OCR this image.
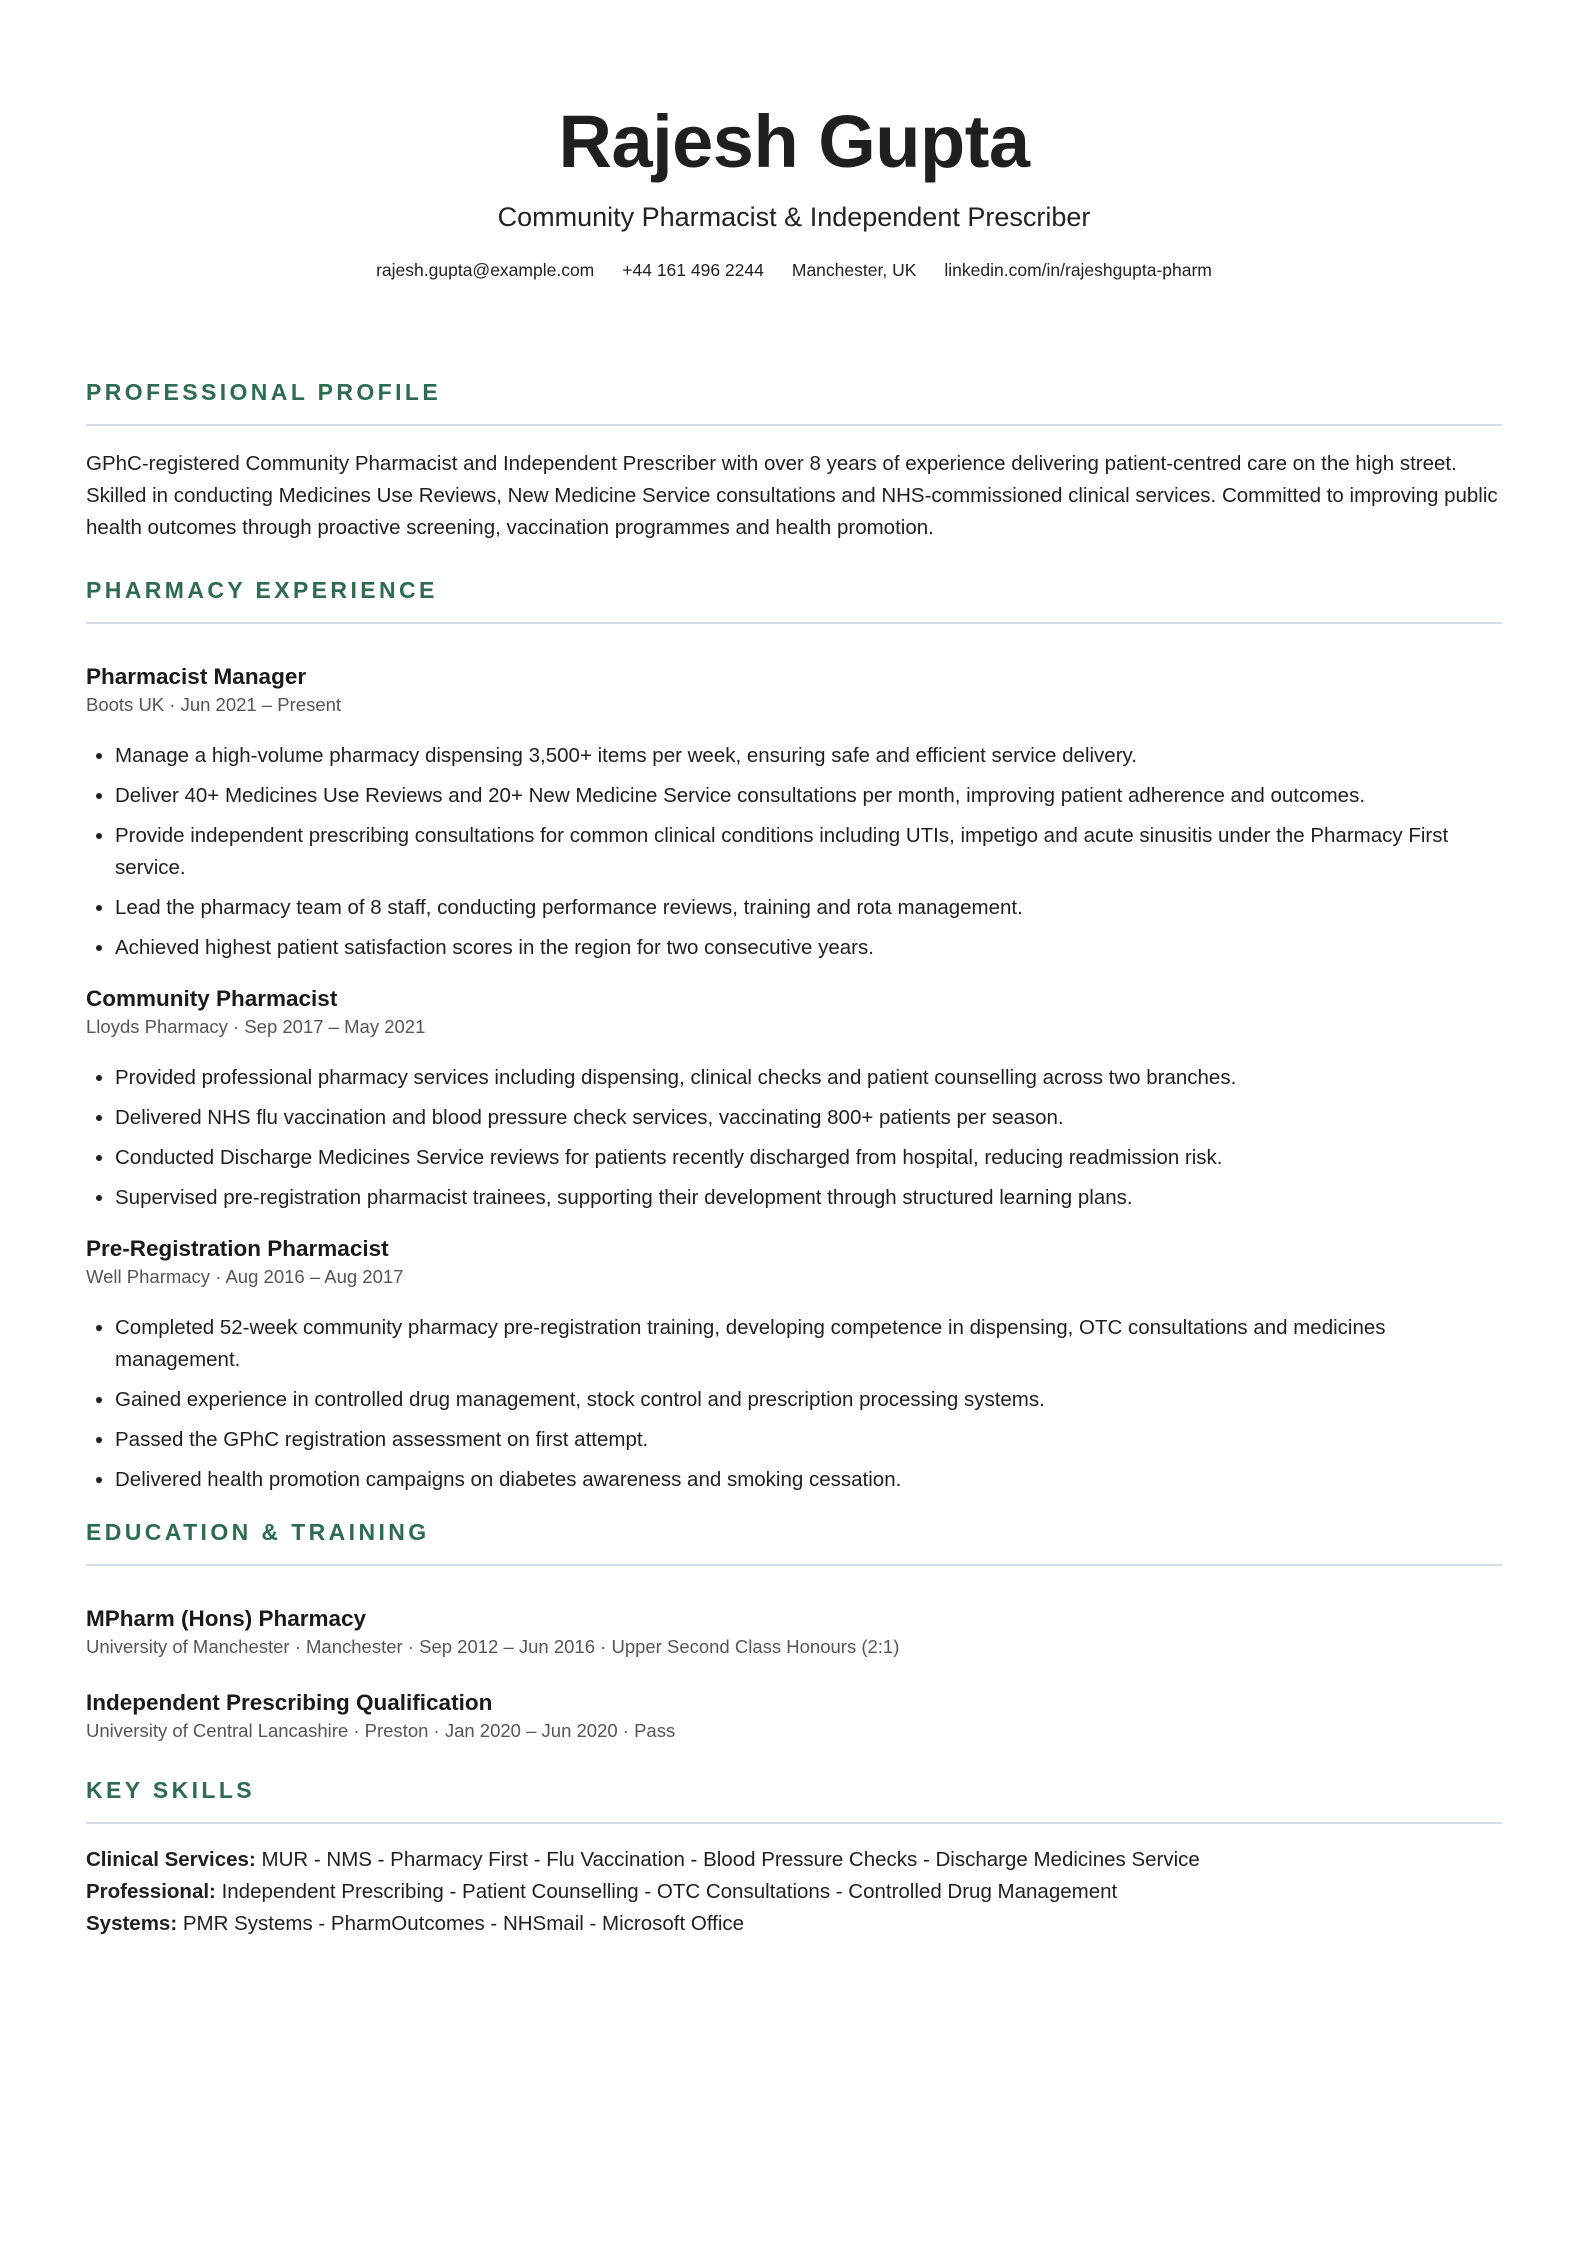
Rajesh Gupta

Community Pharmacist & Independent Prescriber

rajesh.gupta@example.com +44 161 496 2244 Manchester, UK linkedin.com/in/rajeshgupta-pharm
PROFESSIONAL PROFILE

GPhC-registered Community Pharmacist and Independent Prescriber with over 8 years of experience delivering patient-centred care on the high street. Skilled in conducting Medicines Use Reviews, New Medicine Service consultations and NHS-commissioned clinical services. Committed to improving public health outcomes through proactive screening, vaccination programmes and health promotion.

PHARMACY EXPERIENCE

Pharmacist Manager

Boots UK · Jun 2021 – Present

• Manage a high-volume pharmacy dispensing 3,500+ items per week, ensuring safe and efficient service delivery.
• Deliver 40+ Medicines Use Reviews and 20+ New Medicine Service consultations per month, improving patient adherence and outcomes.
• Provide independent prescribing consultations for common clinical conditions including UTIs, impetigo and acute sinusitis under the Pharmacy First service.
• Lead the pharmacy team of 8 staff, conducting performance reviews, training and rota management.
• Achieved highest patient satisfaction scores in the region for two consecutive years.

Community Pharmacist

Lloyds Pharmacy · Sep 2017 – May 2021

• Provided professional pharmacy services including dispensing, clinical checks and patient counselling across two branches.
• Delivered NHS flu vaccination and blood pressure check services, vaccinating 800+ patients per season.
• Conducted Discharge Medicines Service reviews for patients recently discharged from hospital, reducing readmission risk.
• Supervised pre-registration pharmacist trainees, supporting their development through structured learning plans.

Pre-Registration Pharmacist

Well Pharmacy · Aug 2016 – Aug 2017

• Completed 52-week community pharmacy pre-registration training, developing competence in dispensing, OTC consultations and medicines management.
• Gained experience in controlled drug management, stock control and prescription processing systems.
• Passed the GPhC registration assessment on first attempt.
• Delivered health promotion campaigns on diabetes awareness and smoking cessation.
EDUCATION & TRAINING

MPharm (Hons) Pharmacy

University of Manchester · Manchester · Sep 2012 – Jun 2016 · Upper Second Class Honours (2:1)

Independent Prescribing Qualification

University of Central Lancashire · Preston · Jan 2020 – Jun 2020 · Pass

KEY SKILLS
Clinical Services: MUR - NMS - Pharmacy First - Flu Vaccination - Blood Pressure Checks - Discharge Medicines Service
Professional: Independent Prescribing - Patient Counselling - OTC Consultations - Controlled Drug Management
Systems: PMR Systems - PharmOutcomes - NHSmail - Microsoft Office
